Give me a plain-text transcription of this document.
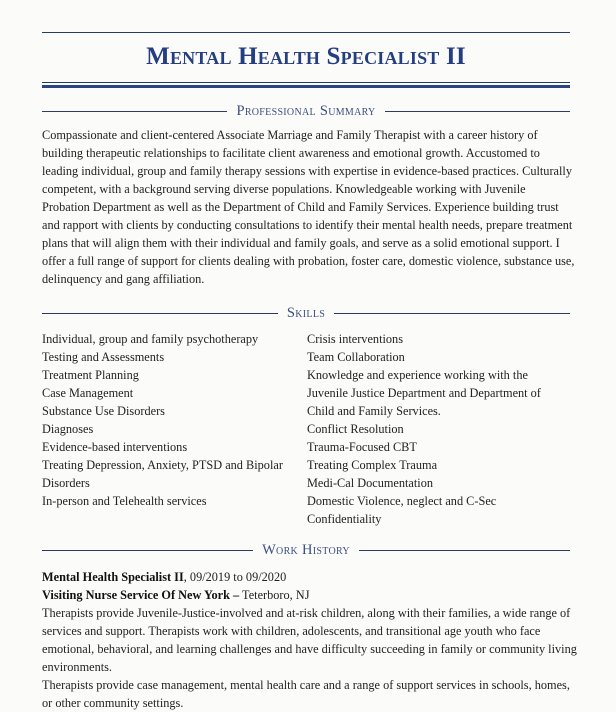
Mental Health Specialist II
Professional Summary

Compassionate and client-centered Associate Marriage and Family Therapist with a career history of building therapeutic relationships to facilitate client awareness and emotional growth. Accustomed to leading individual, group and family therapy sessions with expertise in evidence-based practices. Culturally competent, with a background serving diverse populations. Knowledgeable working with Juvenile Probation Department as well as the Department of Child and Family Services. Experience building trust and rapport with clients by conducting consultations to identify their mental health needs, prepare treatment plans that will align them with their individual and family goals, and serve as a solid emotional support. I offer a full range of support for clients dealing with probation, foster care, domestic violence, substance use, delinquency and gang affiliation.

Skills
Individual, group and family psychotherapy
Testing and Assessments
Treatment Planning
Case Management
Substance Use Disorders
Diagnoses
Evidence-based interventions
Treating Depression, Anxiety, PTSD and Bipolar Disorders
In-person and Telehealth services
Crisis interventions
Team Collaboration
Knowledge and experience working with the Juvenile Justice Department and Department of Child and Family Services.
Conflict Resolution
Trauma-Focused CBT
Treating Complex Trauma
Medi-Cal Documentation
Domestic Violence, neglect and C-Sec
Confidentiality
Work History

Mental Health Specialist II, 09/2019 to 09/2020

Visiting Nurse Service Of New York – Teterboro, NJ

Therapists provide Juvenile-Justice-involved and at-risk children, along with their families, a wide range of services and support. Therapists work with children, adolescents, and transitional age youth who face emotional, behavioral, and learning challenges and have difficulty succeeding in family or community living environments.

Therapists provide case management, mental health care and a range of support services in schools, homes, or other community settings.
